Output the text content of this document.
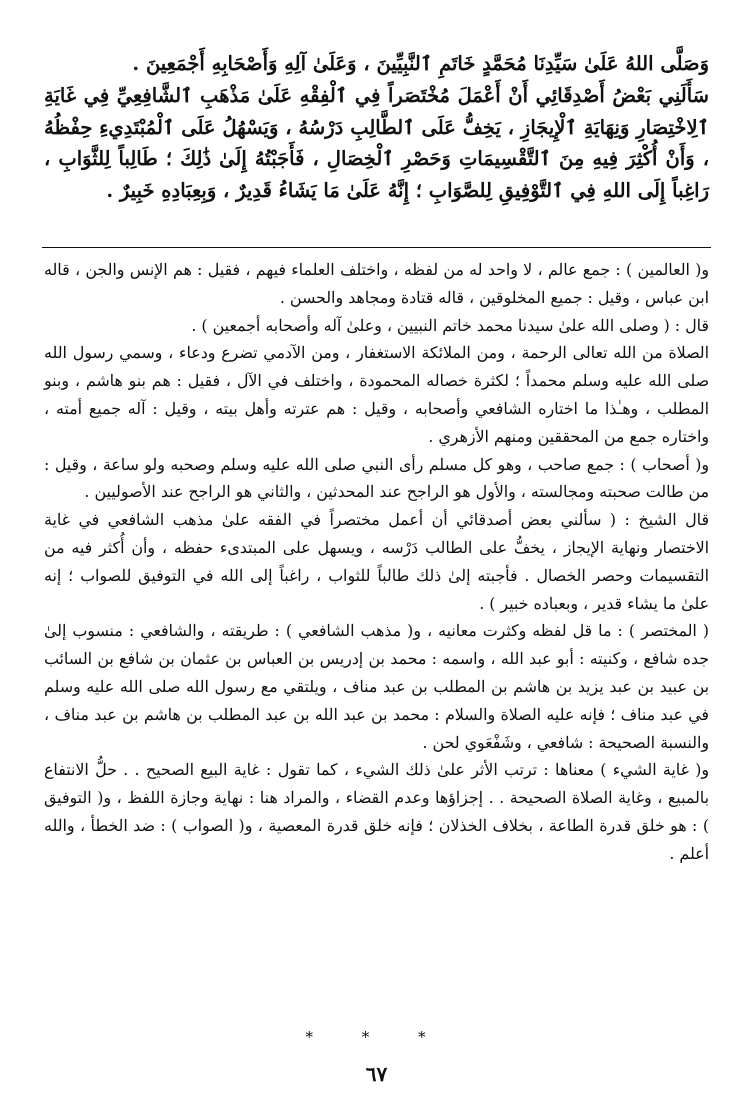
وَصَلَّى اللهُ عَلَىٰ سَيِّدِنَا مُحَمَّدٍ خَاتَمِ ٱلنَّبِيِّينَ ، وَعَلَىٰ آلِهِ وَأَصْحَابِهِ أَجْمَعِينَ .

سَأَلَنِي بَعْضُ أَصْدِقَائِي أَنْ أَعْمَلَ مُخْتَصَراً فِي ٱلْفِقْهِ عَلَىٰ مَذْهَبِ ٱلشَّافِعِيِّ فِي غَايَةِ ٱلِاخْتِصَارِ وَنِهَايَةِ ٱلْإِيجَازِ ، يَخِفُّ عَلَى ٱلطَّالِبِ دَرْسُهُ ، وَيَسْهُلُ عَلَى ٱلْمُبْتَدِيءِ حِفْظُهُ ، وَأَنْ أُكْثِرَ فِيهِ مِنَ ٱلتَّقْسِيمَاتِ وَحَصْرِ ٱلْخِصَالِ ، فَأَجَبْتُهُ إِلَىٰ ذَٰلِكَ ؛ طَالِباً لِلثَّوَابِ ، رَاغِباً إِلَى اللهِ فِي ٱلتَّوْفِيقِ لِلصَّوَابِ ؛ إِنَّهُ عَلَىٰ مَا يَشَاءُ قَدِيرٌ ، وَبِعِبَادِهِ خَبِيرٌ .

و( العالمين ) : جمع عالم ، لا واحد له من لفظه ، واختلف العلماء فيهم ، فقيل : هم الإنس والجن ، قاله ابن عباس ، وقيل : جميع المخلوقين ، قاله قتادة ومجاهد والحسن .

قال : ( وصلى الله علىٰ سيدنا محمد خاتم النبيين ، وعلىٰ آله وأصحابه أجمعين ) .

الصلاة من الله تعالى الرحمة ، ومن الملائكة الاستغفار ، ومن الآدمي تضرع ودعاء ، وسمي رسول الله صلى الله عليه وسلم محمداً ؛ لكثرة خصاله المحمودة ، واختلف في الآل ، فقيل : هم بنو هاشم ، وبنو المطلب ، وهـٰذا ما اختاره الشافعي وأصحابه ، وقيل : هم عترته وأهل بيته ، وقيل : آله جميع أمته ، واختاره جمع من المحققين ومنهم الأزهري .

و( أصحاب ) : جمع صاحب ، وهو كل مسلم رأى النبي صلى الله عليه وسلم وصحبه ولو ساعة ، وقيل : من طالت صحبته ومجالسته ، والأول هو الراجح عند المحدثين ، والثاني هو الراجح عند الأصوليين .

قال الشيخ : ( سألني بعض أصدقائي أن أعمل مختصراً في الفقه علىٰ مذهب الشافعي في غاية الاختصار ونهاية الإيجاز ، يخفُّ على الطالب دَرْسه ، ويسهل على المبتدىء حفظه ، وأن أُكثر فيه من التقسيمات وحصر الخصال . فأجبته إلىٰ ذلك طالباً للثواب ، راغباً إلى الله في التوفيق للصواب ؛ إنه علىٰ ما يشاء قدير ، وبعباده خبير ) .

( المختصر ) : ما قل لفظه وكثرت معانيه ، و( مذهب الشافعي ) : طريقته ، والشافعي : منسوب إلىٰ جده شافع ، وكنيته : أبو عبد الله ، واسمه : محمد بن إدريس بن العباس بن عثمان بن شافع بن السائب بن عبيد بن عبد يزيد بن هاشم بن المطلب بن عبد مناف ، ويلتقي مع رسول الله صلى الله عليه وسلم في عبد مناف ؛ فإنه عليه الصلاة والسلام : محمد بن عبد الله بن عبد المطلب بن هاشم بن عبد مناف ، والنسبة الصحيحة : شافعي ، وشَفْعَوي لحن .

و( غاية الشيء ) معناها : ترتب الأثر علىٰ ذلك الشيء ، كما تقول : غاية البيع الصحيح . . حلُّ الانتفاع بالمبيع ، وغاية الصلاة الصحيحة . . إجزاؤها وعدم القضاء ، والمراد هنا : نهاية وجازة اللفظ ، و( التوفيق ) : هو خلق قدرة الطاعة ، بخلاف الخذلان ؛ فإنه خلق قدرة المعصية ، و( الصواب ) : ضد الخطأ ، والله أعلم .

* * *
٦٧
